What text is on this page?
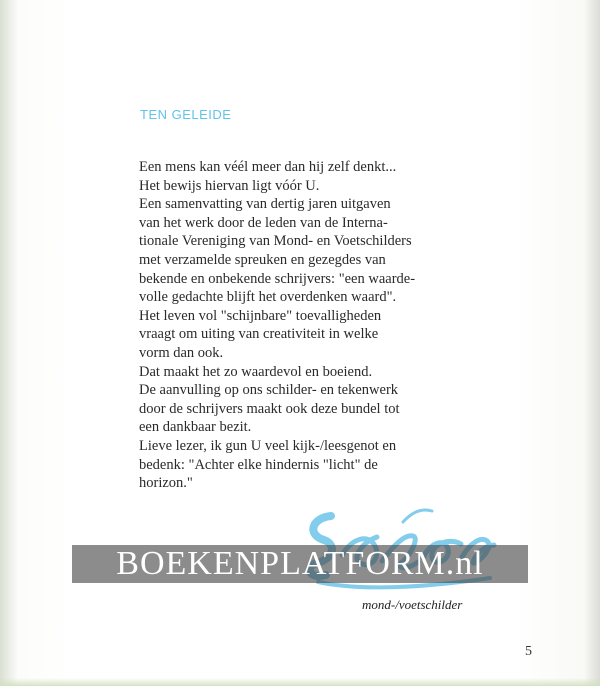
TEN GELEIDE
Een mens kan véél meer dan hij zelf denkt...
Het bewijs hiervan ligt vóór U.
Een samenvatting van dertig jaren uitgaven
van het werk door de leden van de Interna-
tionale Vereniging van Mond- en Voetschilders
met verzamelde spreuken en gezegdes van
bekende en onbekende schrijvers: "een waarde-
volle gedachte blijft het overdenken waard".
Het leven vol "schijnbare" toevalligheden
vraagt om uiting van creativiteit in welke
vorm dan ook.
Dat maakt het zo waardevol en boeiend.
De aanvulling op ons schilder- en tekenwerk
door de schrijvers maakt ook deze bundel tot
een dankbaar bezit.
Lieve lezer, ik gun U veel kijk-/leesgenot en
bedenk: "Achter elke hindernis "licht" de
horizon."

mond-/voetschilder

BOEKENPLATFORM.nl
5
